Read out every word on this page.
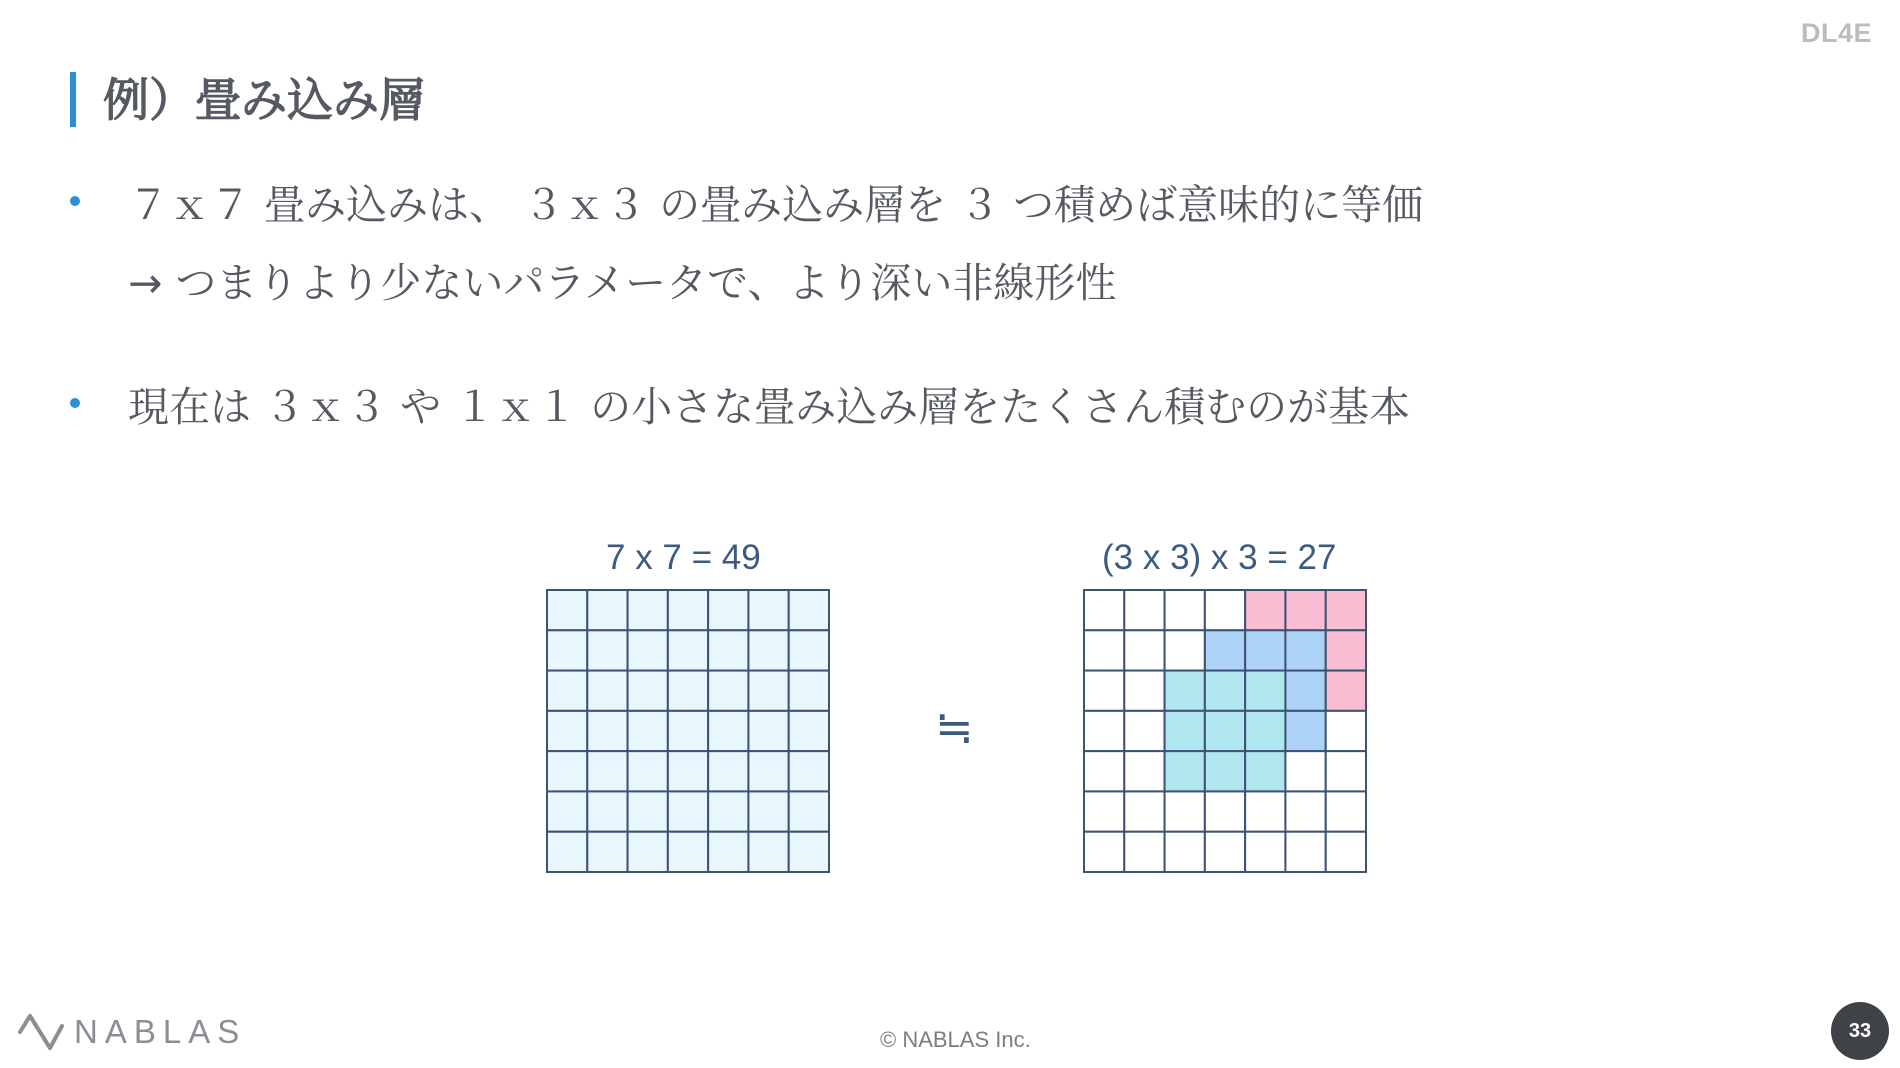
DL4E
例）畳み込み層
７ｘ７ 畳み込みは、 ３ｘ３ の畳み込み層を ３ つ積めば意味的に等価
→ つまりより少ないパラメータで、より深い非線形性
現在は ３ｘ３ や １ｘ１ の小さな畳み込み層をたくさん積むのが基本
7 x 7 = 49	(3 x 3) x 3 = 27
≒
NABLAS	© NABLAS Inc.	33
